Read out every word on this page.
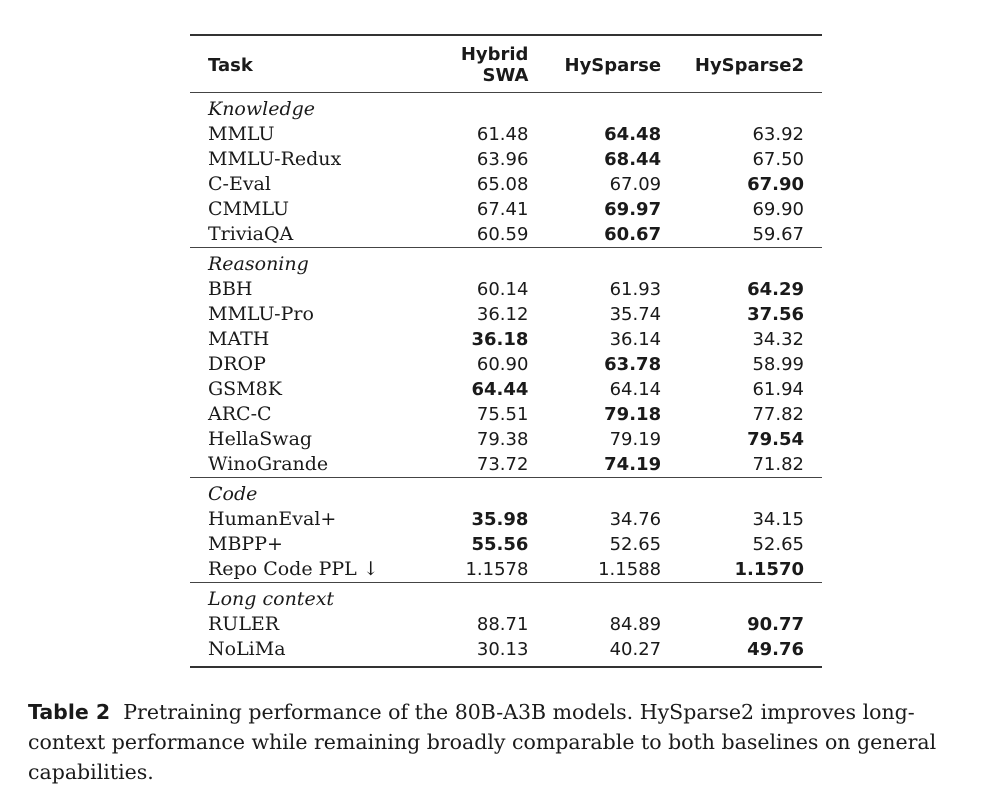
Task	Hybrid SWA	HySparse	HySparse2
Knowledge			
MMLU	61.48	64.48	63.92
MMLU-Redux	63.96	68.44	67.50
C-Eval	65.08	67.09	67.90
CMMLU	67.41	69.97	69.90
TriviaQA	60.59	60.67	59.67
Reasoning			
BBH	60.14	61.93	64.29
MMLU-Pro	36.12	35.74	37.56
MATH	36.18	36.14	34.32
DROP	60.90	63.78	58.99
GSM8K	64.44	64.14	61.94
ARC-C	75.51	79.18	77.82
HellaSwag	79.38	79.19	79.54
WinoGrande	73.72	74.19	71.82
Code			
HumanEval+	35.98	34.76	34.15
MBPP+	55.56	52.65	52.65
Repo Code PPL ↓	1.1578	1.1588	1.1570
Long context			
RULER	88.71	84.89	90.77
NoLiMa	30.13	40.27	49.76
Table 2 Pretraining performance of the 80B-A3B models. HySparse2 improves long-context performance while remaining broadly comparable to both baselines on general capabilities.
